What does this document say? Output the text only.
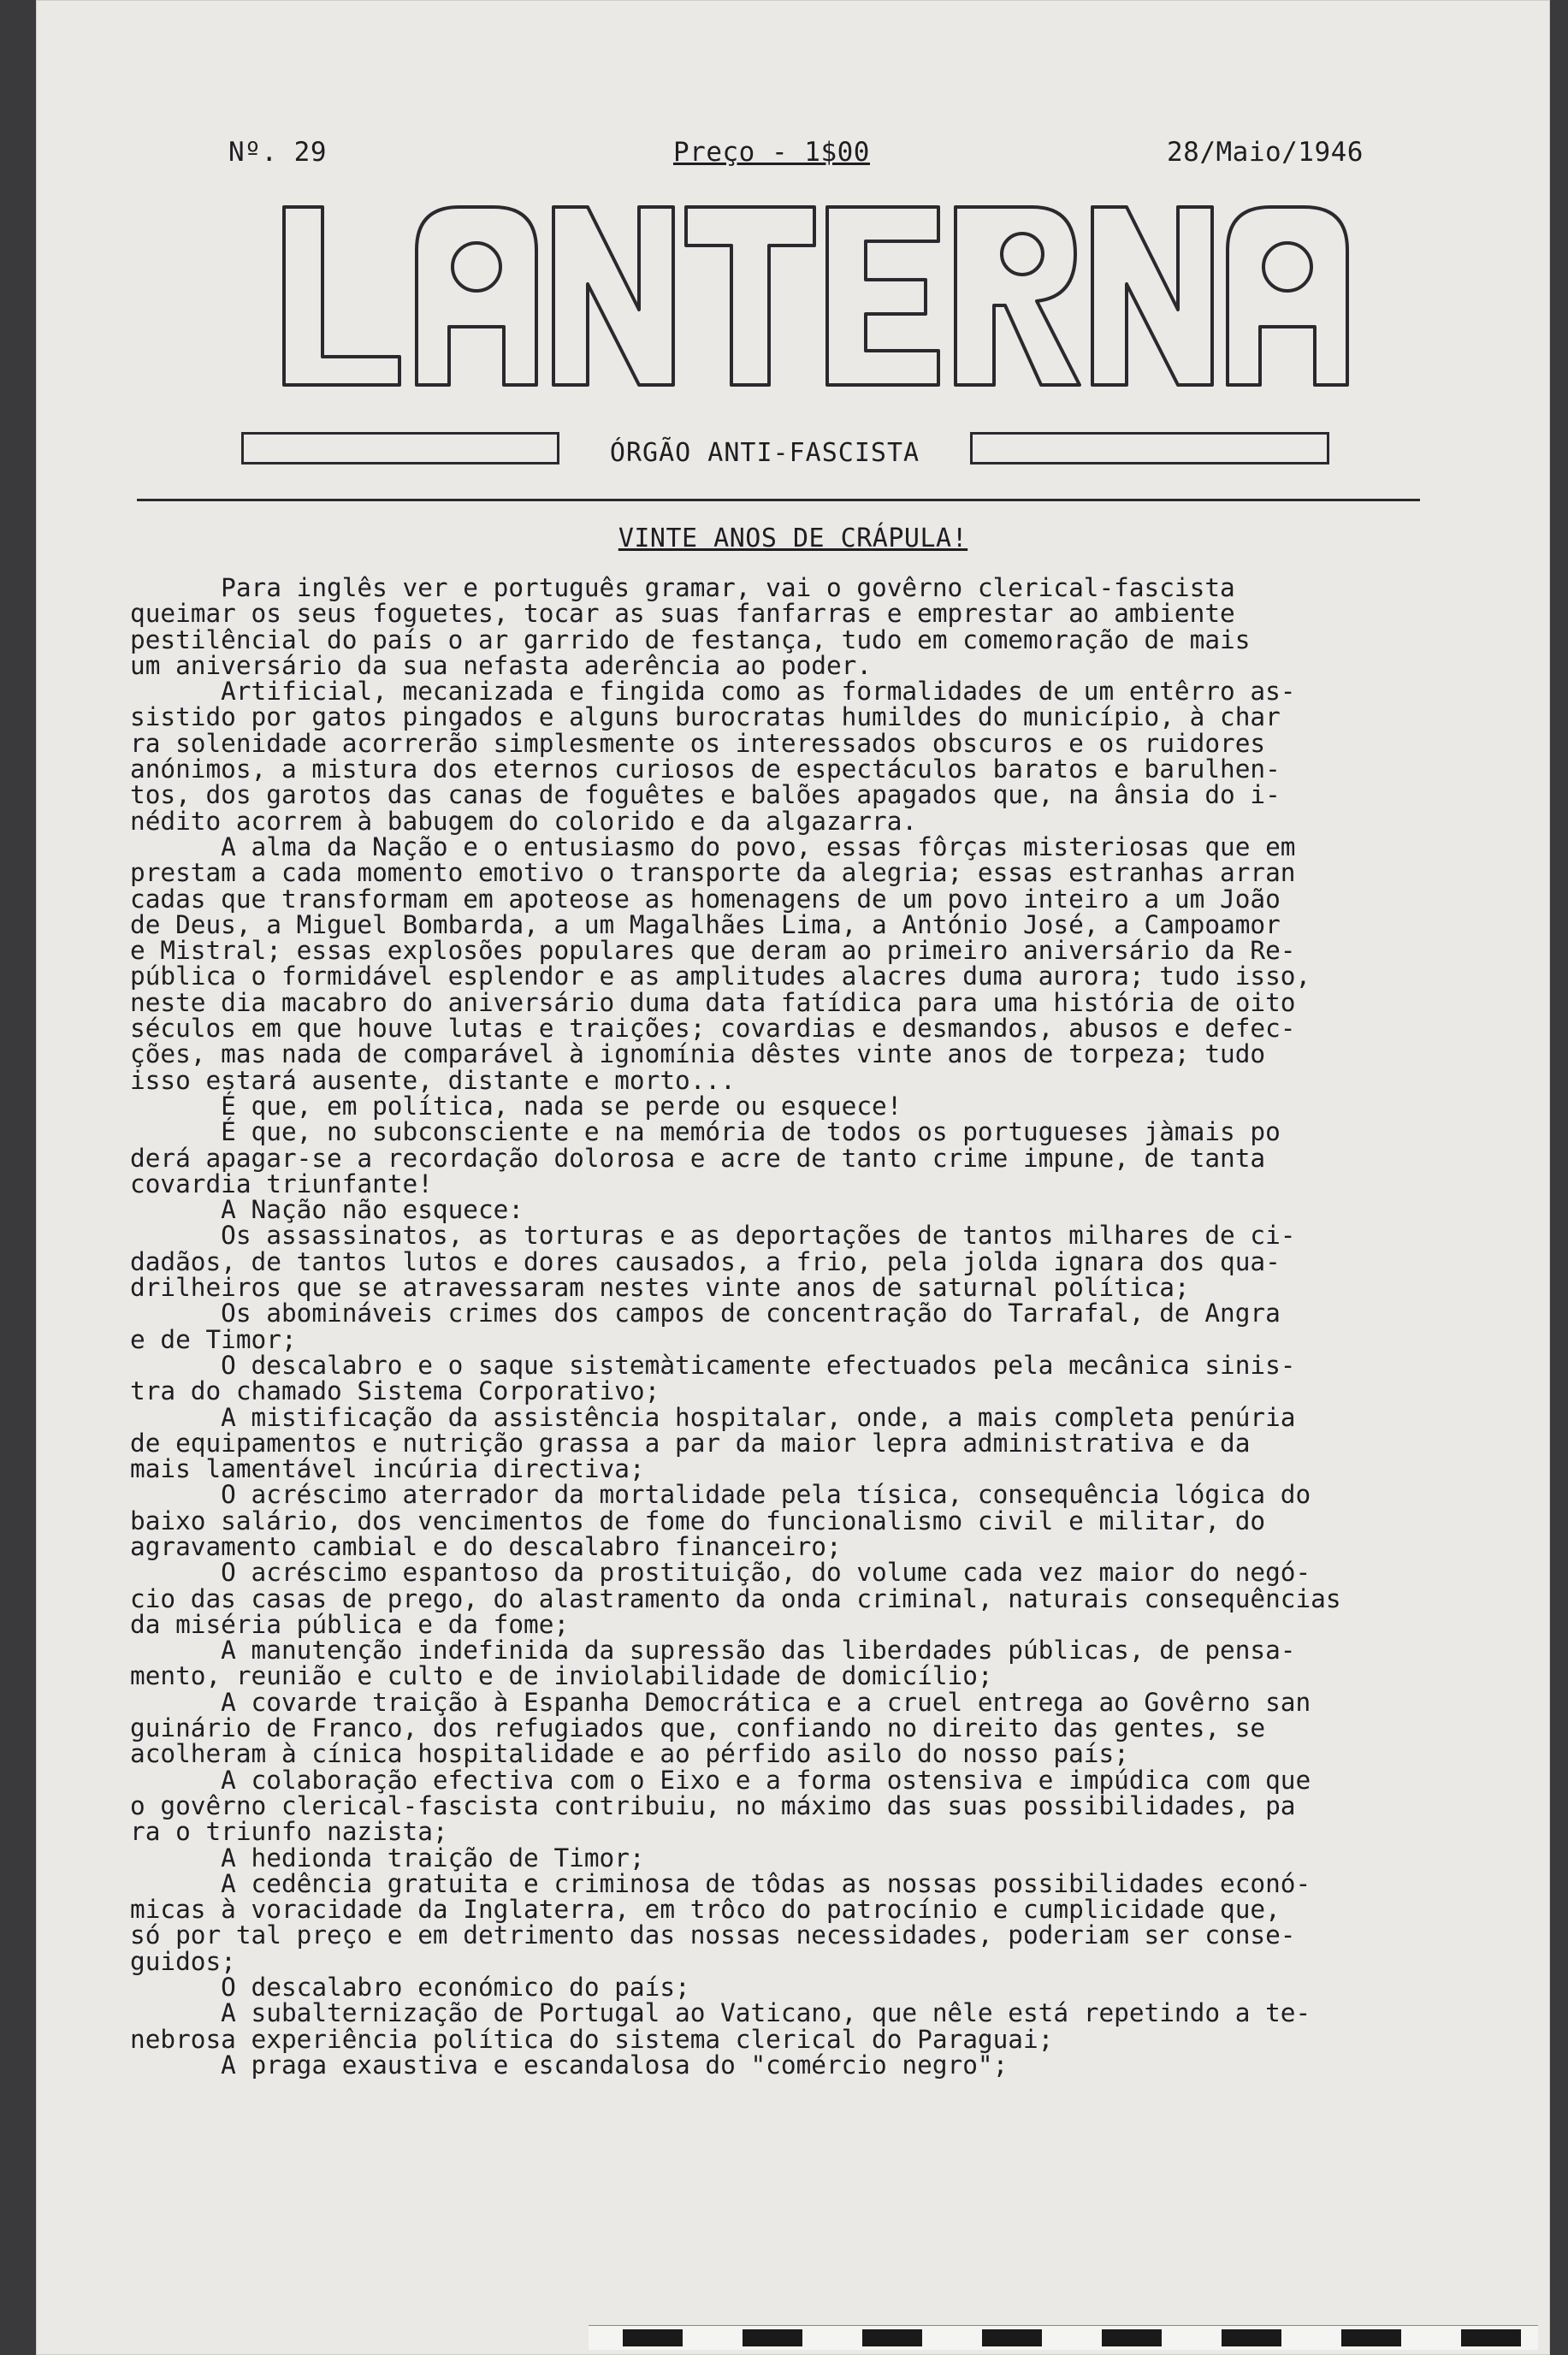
Nº. 29	Preço - 1$00	28/Maio/1946
ÓRGÃO ANTI-FASCISTA
VINTE ANOS DE CRÁPULA!
Para inglês ver e português gramar, vai o govêrno clerical-fascista
queimar os seus foguetes, tocar as suas fanfarras e emprestar ao ambiente
pestilêncial do país o ar garrido de festança, tudo em comemoração de mais
um aniversário da sua nefasta aderência ao poder.
Artificial, mecanizada e fingida como as formalidades de um entêrro as-
sistido por gatos pingados e alguns burocratas humildes do município, à char
ra solenidade acorrerão simplesmente os interessados obscuros e os ruidores
anónimos, a mistura dos eternos curiosos de espectáculos baratos e barulhen-
tos, dos garotos das canas de foguêtes e balões apagados que, na ânsia do i-
nédito acorrem à babugem do colorido e da algazarra.
A alma da Nação e o entusiasmo do povo, essas fôrças misteriosas que em
prestam a cada momento emotivo o transporte da alegria; essas estranhas arran
cadas que transformam em apoteose as homenagens de um povo inteiro a um João
de Deus, a Miguel Bombarda, a um Magalhães Lima, a António José, a Campoamor
e Mistral; essas explosões populares que deram ao primeiro aniversário da Re-
pública o formidável esplendor e as amplitudes alacres duma aurora; tudo isso,
neste dia macabro do aniversário duma data fatídica para uma história de oito
séculos em que houve lutas e traições; covardias e desmandos, abusos e defec-
ções, mas nada de comparável à ignomínia dêstes vinte anos de torpeza; tudo
isso estará ausente, distante e morto...
É que, em política, nada se perde ou esquece!
É que, no subconsciente e na memória de todos os portugueses jàmais po
derá apagar-se a recordação dolorosa e acre de tanto crime impune, de tanta
covardia triunfante!
A Nação não esquece:
Os assassinatos, as torturas e as deportações de tantos milhares de ci-
dadãos, de tantos lutos e dores causados, a frio, pela jolda ignara dos qua-
drilheiros que se atravessaram nestes vinte anos de saturnal política;
Os abomináveis crimes dos campos de concentração do Tarrafal, de Angra
e de Timor;
O descalabro e o saque sistemàticamente efectuados pela mecânica sinis-
tra do chamado Sistema Corporativo;
A mistificação da assistência hospitalar, onde, a mais completa penúria
de equipamentos e nutrição grassa a par da maior lepra administrativa e da
mais lamentável incúria directiva;
O acréscimo aterrador da mortalidade pela tísica, consequência lógica do
baixo salário, dos vencimentos de fome do funcionalismo civil e militar, do
agravamento cambial e do descalabro financeiro;
O acréscimo espantoso da prostituição, do volume cada vez maior do negó-
cio das casas de prego, do alastramento da onda criminal, naturais consequências
da miséria pública e da fome;
A manutenção indefinida da supressão das liberdades públicas, de pensa-
mento, reunião e culto e de inviolabilidade de domicílio;
A covarde traição à Espanha Democrática e a cruel entrega ao Govêrno san
guinário de Franco, dos refugiados que, confiando no direito das gentes, se
acolheram à cínica hospitalidade e ao pérfido asilo do nosso país;
A colaboração efectiva com o Eixo e a forma ostensiva e impúdica com que
o govêrno clerical-fascista contribuiu, no máximo das suas possibilidades, pa
ra o triunfo nazista;
A hedionda traição de Timor;
A cedência gratuita e criminosa de tôdas as nossas possibilidades econó-
micas à voracidade da Inglaterra, em trôco do patrocínio e cumplicidade que,
só por tal preço e em detrimento das nossas necessidades, poderiam ser conse-
guidos;
O descalabro económico do país;
A subalternização de Portugal ao Vaticano, que nêle está repetindo a te-
nebrosa experiência política do sistema clerical do Paraguai;
A praga exaustiva e escandalosa do "comércio negro";
